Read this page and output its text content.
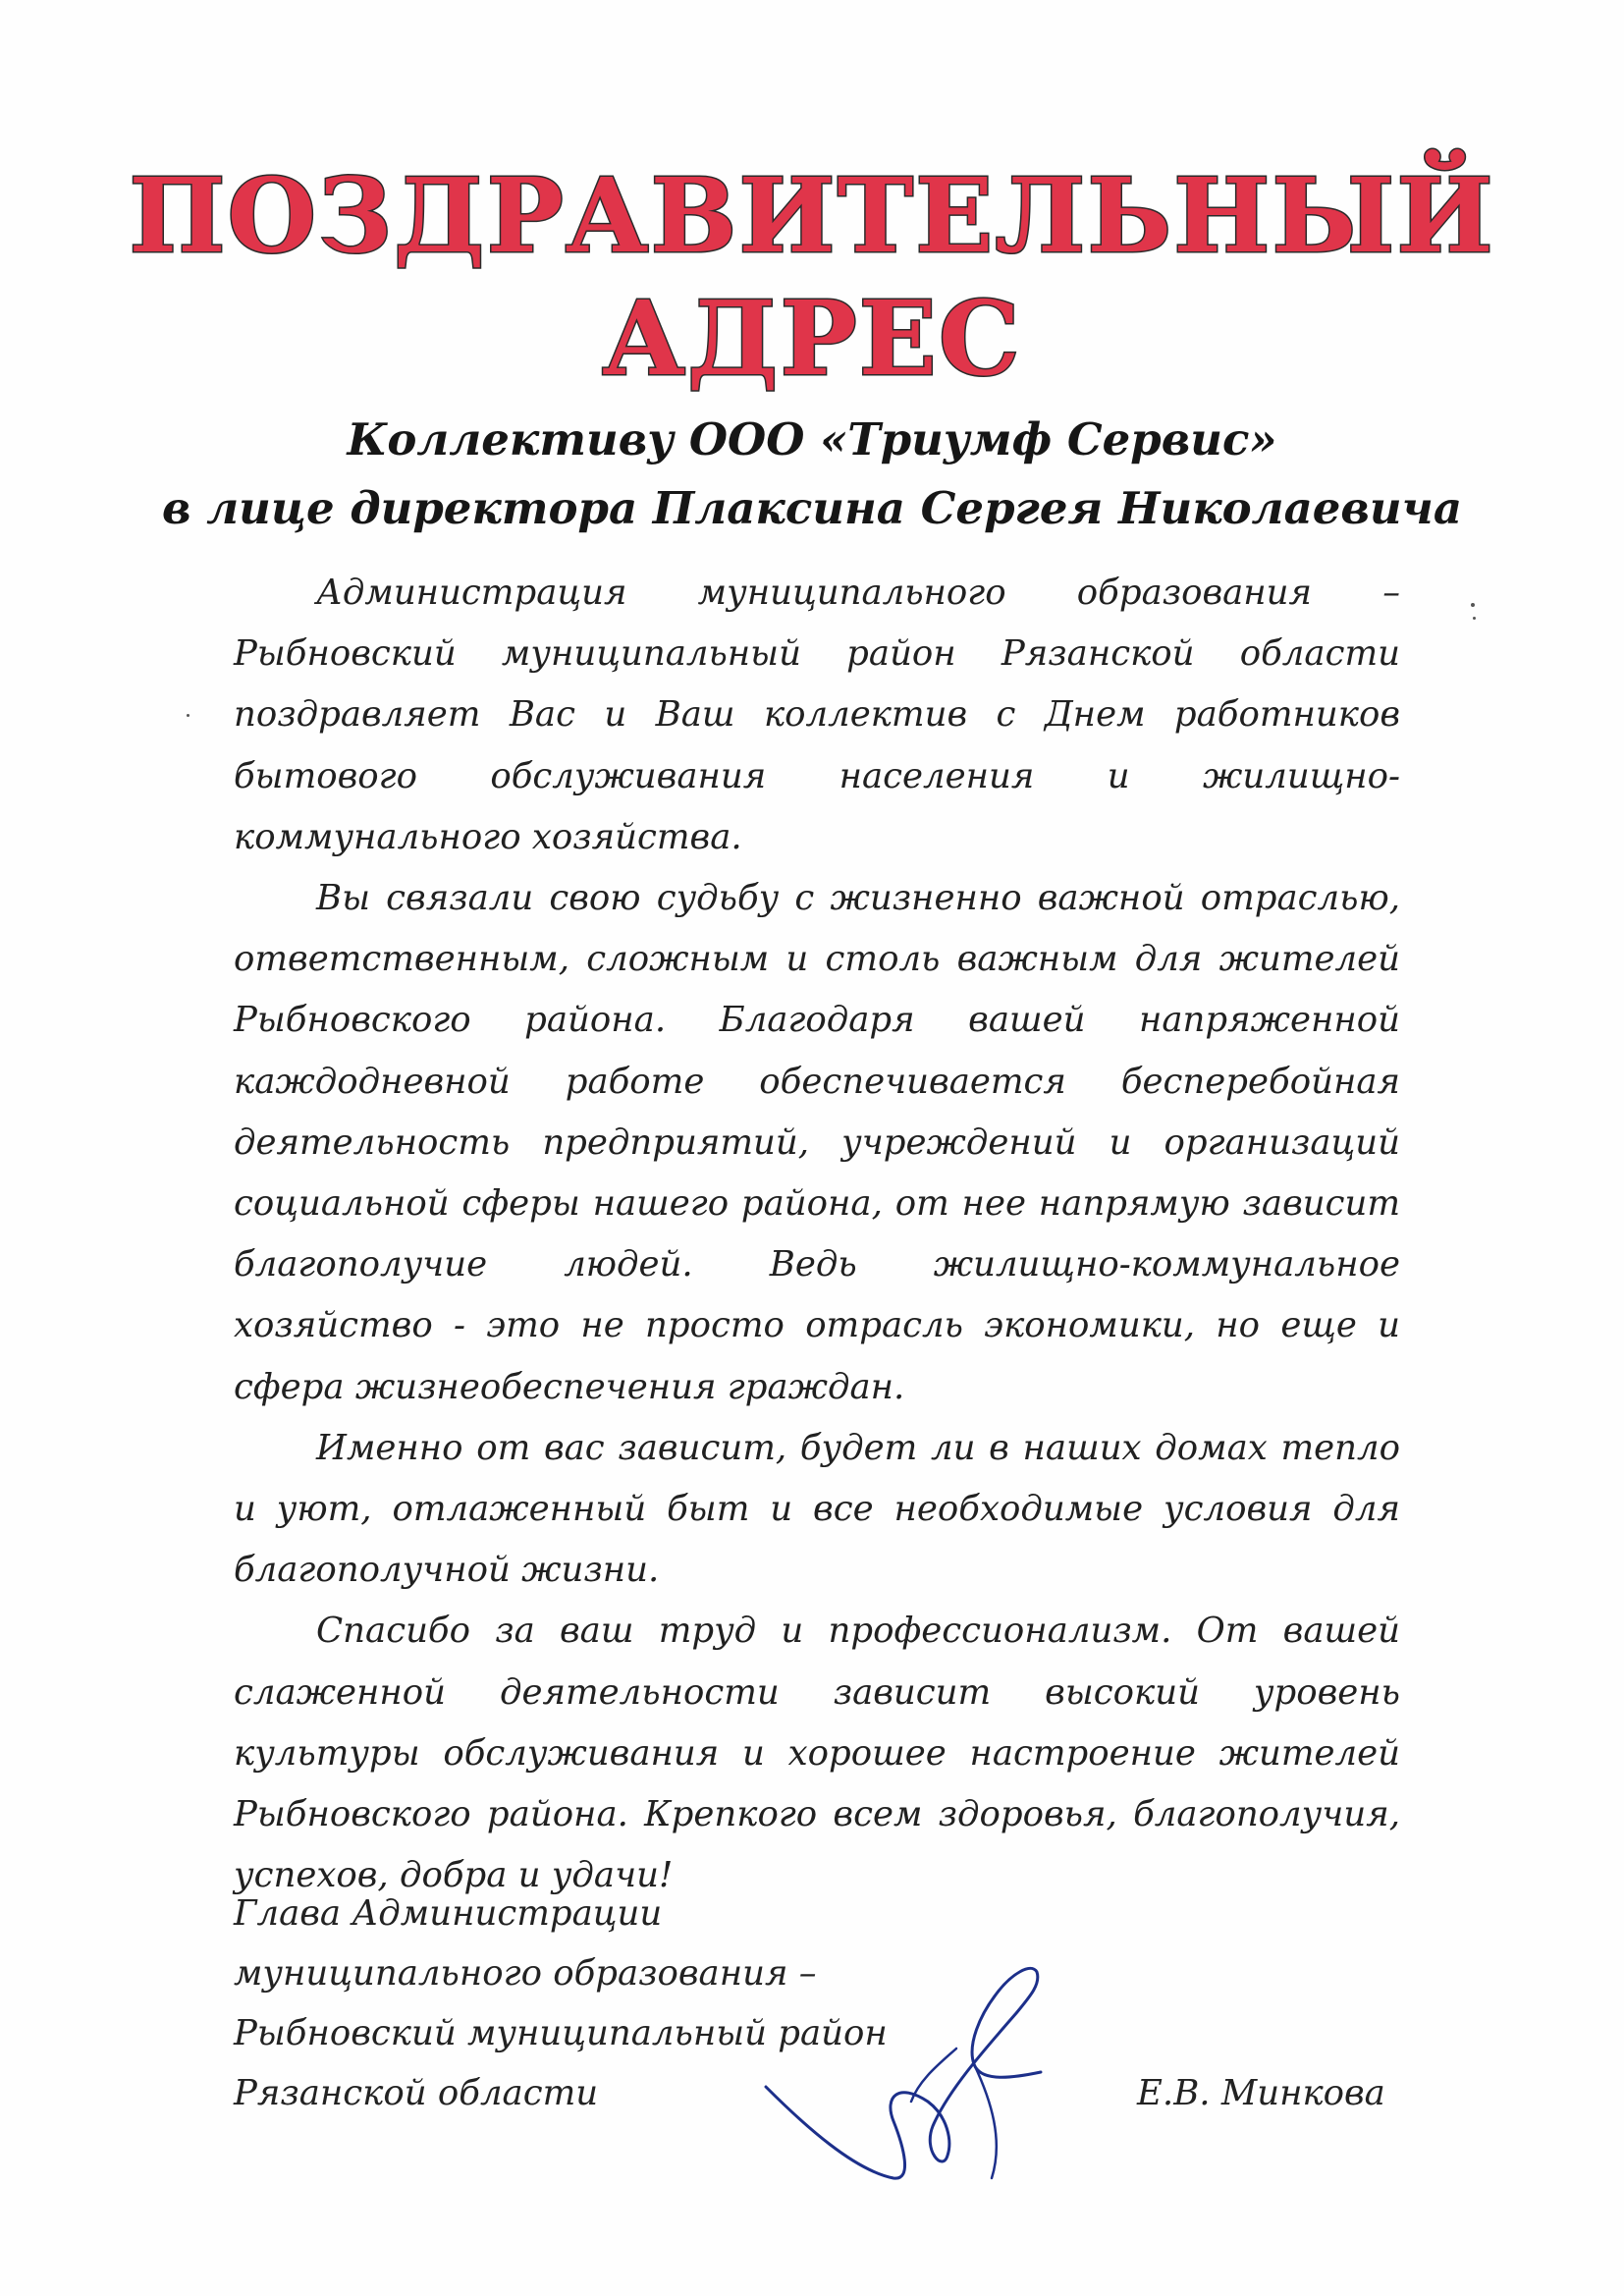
ПОЗДРАВИТЕЛЬНЫЙ
АДРЕС
Коллективу ООО «Триумф Сервис»
в лице директора Плаксина Сергея Николаевича

Администрация муниципального образования – Рыбновский муниципальный район Рязанской области поздравляет Вас и Ваш коллектив с Днем работников бытового обслуживания населения и жилищно-коммунального хозяйства.

Вы связали свою судьбу с жизненно важной отраслью, ответственным, сложным и столь важным для жителей Рыбновского района. Благодаря вашей напряженной каждодневной работе обеспечивается бесперебойная деятельность предприятий, учреждений и организаций социальной сферы нашего района, от нее напрямую зависит благополучие людей. Ведь жилищно-коммунальное хозяйство - это не просто отрасль экономики, но еще и сфера жизнеобеспечения граждан.

Именно от вас зависит, будет ли в наших домах тепло и уют, отлаженный быт и все необходимые условия для благополучной жизни.

Спасибо за ваш труд и профессионализм. От вашей слаженной деятельности зависит высокий уровень культуры обслуживания и хорошее настроение жителей Рыбновского района. Крепкого всем здоровья, благополучия, успехов, добра и удачи!

Глава Администрации
муниципального образования –
Рыбновский муниципальный район
Рязанской области	Е.В. Минкова
